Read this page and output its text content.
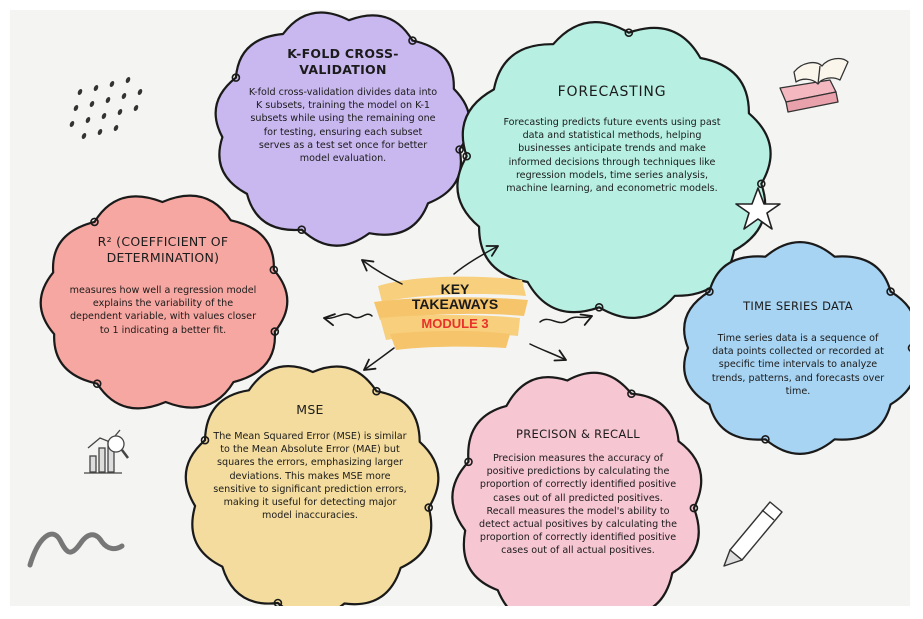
KEY
TAKEAWAYS
MODULE 3
K-FOLD CROSS-VALIDATION
K-fold cross-validation divides data into K subsets, training the model on K-1 subsets while using the remaining one for testing, ensuring each subset serves as a test set once for better model evaluation.
FORECASTING
Forecasting predicts future events using past data and statistical methods, helping businesses anticipate trends and make informed decisions through techniques like regression models, time series analysis, machine learning, and econometric models.
R² (COEFFICIENT OF DETERMINATION)
measures how well a regression model explains the variability of the dependent variable, with values closer to 1 indicating a better fit.
TIME SERIES DATA
Time series data is a sequence of data points collected or recorded at specific time intervals to analyze trends, patterns, and forecasts over time.
MSE
The Mean Squared Error (MSE) is similar to the Mean Absolute Error (MAE) but squares the errors, emphasizing larger deviations. This makes MSE more sensitive to significant prediction errors, making it useful for detecting major model inaccuracies.
PRECISON & RECALL
Precision measures the accuracy of positive predictions by calculating the proportion of correctly identified positive cases out of all predicted positives. Recall measures the model's ability to detect actual positives by calculating the proportion of correctly identified positive cases out of all actual positives.
